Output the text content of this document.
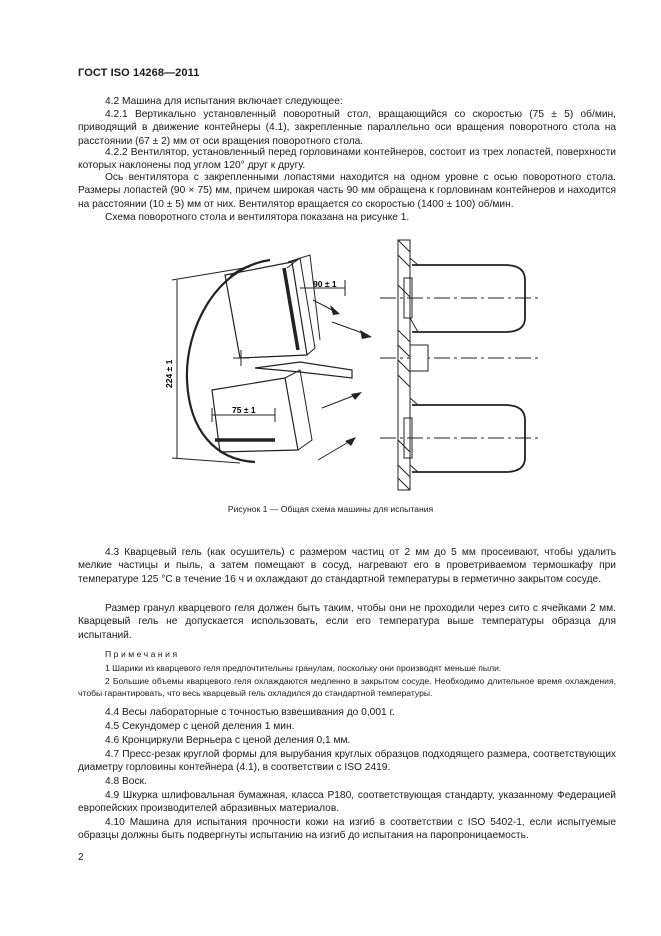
ГОСТ ISO 14268—2011
4.2 Машина для испытания включает следующее:
4.2.1 Вертикально установленный поворотный стол, вращающийся со скоростью (75 ± 5) об/мин, приводящий в движение контейнеры (4.1), закрепленные параллельно оси вращения поворотного стола на расстоянии (67 ± 2) мм от оси вращения поворотного стола.
4.2.2 Вентилятор, установленный перед горловинами контейнеров, состоит из трех лопастей, поверхности которых наклонены под углом 120° друг к другу.
Ось вентилятора с закрепленными лопастями находится на одном уровне с осью поворотного стола. Размеры лопастей (90 × 75) мм, причем широкая часть 90 мм обращена к горловинам контейнеров и находится на расстоянии (10 ± 5) мм от них. Вентилятор вращается со скоростью (1400 ± 100) об/мин.
Схема поворотного стола и вентилятора показана на рисунке 1.
90 ± 1
75 ± 1
224 ± 1
Рисунок 1 — Общая схема машины для испытания
4.3 Кварцевый гель (как осушитель) с размером частиц от 2 мм до 5 мм просеивают, чтобы удалить мелкие частицы и пыль, а затем помещают в сосуд, нагревают его в проветриваемом термошкафу при температуре 125 °С в течение 16 ч и охлаждают до стандартной температуры в герметично закрытом сосуде.
Размер гранул кварцевого геля должен быть таким, чтобы они не проходили через сито с ячейками 2 мм. Кварцевый гель не допускается использовать, если его температура выше температуры образца для испытаний.
Примечания
1 Шарики из кварцевого геля предпочтительны гранулам, поскольку они производят меньше пыли.
2 Большие объемы кварцевого геля охлаждаются медленно в закрытом сосуде. Необходимо длительное время охлаждения, чтобы гарантировать, что весь кварцевый гель охладился до стандартной температуры.
4.4 Весы лабораторные с точностью взвешивания до 0,001 г.
4.5 Секундомер с ценой деления 1 мин.
4.6 Кронциркули Верньера с ценой деления 0,1 мм.
4.7 Пресс-резак круглой формы для вырубания круглых образцов подходящего размера, соответствующих диаметру горловины контейнера (4.1), в соответствии с ISO 2419.
4.8 Воск.
4.9 Шкурка шлифовальная бумажная, класса Р180, соответствующая стандарту, указанному Федерацией европейских производителей абразивных материалов.
4.10 Машина для испытания прочности кожи на изгиб в соответствии с ISO 5402-1, если испытуемые образцы должны быть подвергнуты испытанию на изгиб до испытания на паропроницаемость.
2
